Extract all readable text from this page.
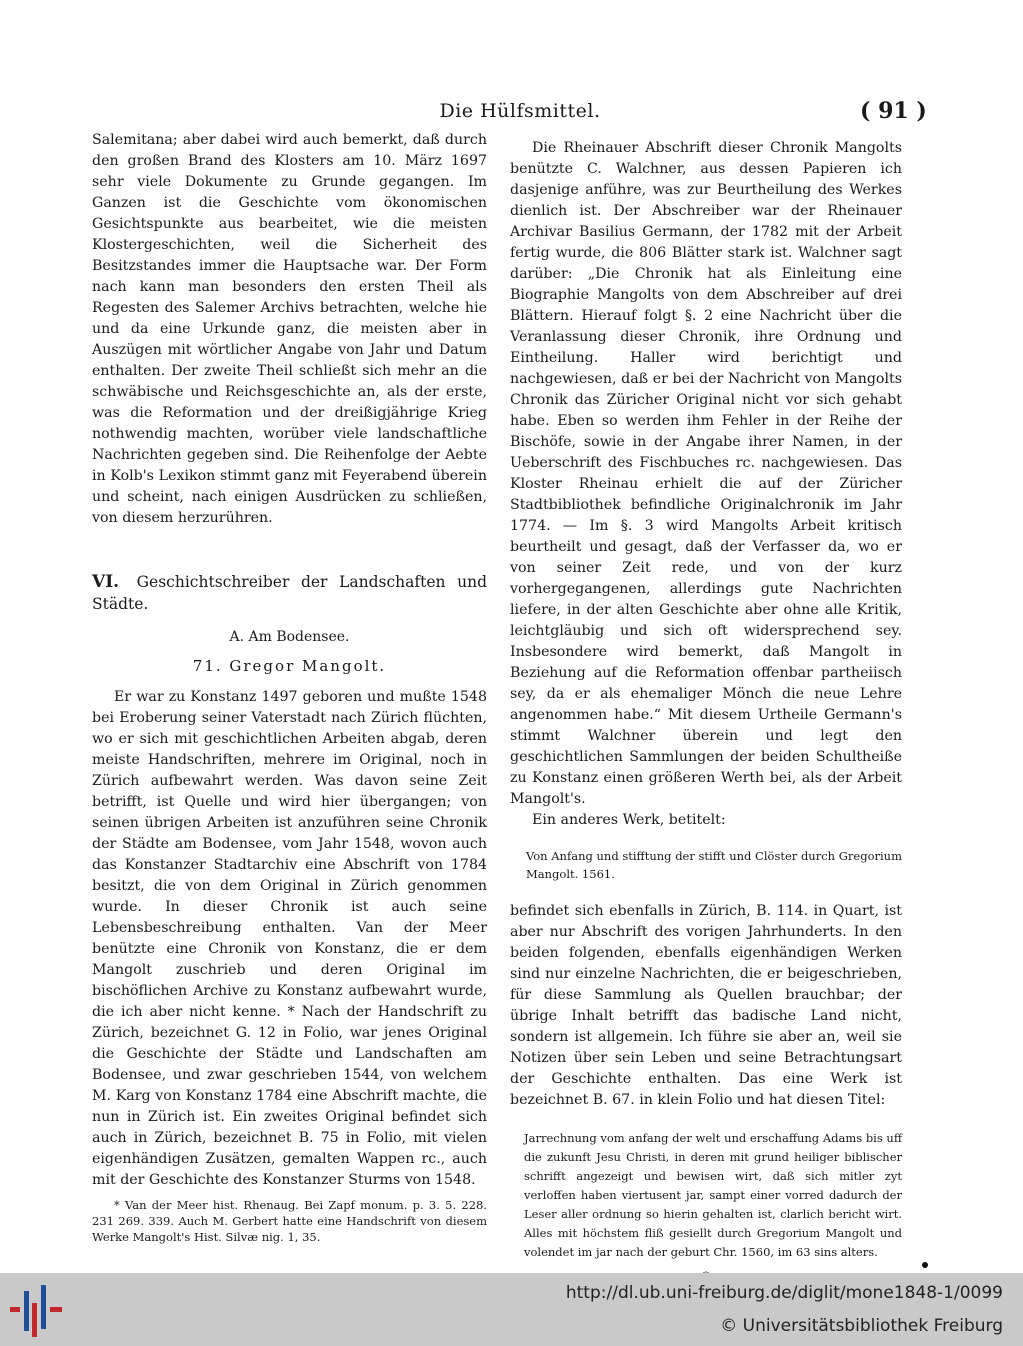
Die Hülfsmittel.	( 91 )

Salemitana; aber dabei wird auch bemerkt, daß durch den großen Brand des Klosters am 10. März 1697 sehr viele Dokumente zu Grunde gegangen. Im Ganzen ist die Geschichte vom ökonomischen Gesichtspunkte aus bearbeitet, wie die meisten Klostergeschichten, weil die Sicherheit des Besitzstandes immer die Hauptsache war. Der Form nach kann man besonders den ersten Theil als Regesten des Salemer Archivs betrachten, welche hie und da eine Urkunde ganz, die meisten aber in Auszügen mit wörtlicher Angabe von Jahr und Datum enthalten. Der zweite Theil schließt sich mehr an die schwäbische und Reichsgeschichte an, als der erste, was die Reformation und der dreißigjährige Krieg nothwendig machten, worüber viele landschaftliche Nachrichten gegeben sind. Die Reihenfolge der Aebte in Kolb's Lexikon stimmt ganz mit Feyerabend überein und scheint, nach einigen Ausdrücken zu schließen, von diesem herzurühren.

VI. Geschichtschreiber der Landschaften und Städte.
A. Am Bodensee.
71. Gregor Mangolt.

Er war zu Konstanz 1497 geboren und mußte 1548 bei Eroberung seiner Vaterstadt nach Zürich flüchten, wo er sich mit geschichtlichen Arbeiten abgab, deren meiste Handschriften, mehrere im Original, noch in Zürich aufbewahrt werden. Was davon seine Zeit betrifft, ist Quelle und wird hier übergangen; von seinen übrigen Arbeiten ist anzuführen seine Chronik der Städte am Bodensee, vom Jahr 1548, wovon auch das Konstanzer Stadtarchiv eine Abschrift von 1784 besitzt, die von dem Original in Zürich genommen wurde. In dieser Chronik ist auch seine Lebensbeschreibung enthalten. Van der Meer benützte eine Chronik von Konstanz, die er dem Mangolt zuschrieb und deren Original im bischöflichen Archive zu Konstanz aufbewahrt wurde, die ich aber nicht kenne. * Nach der Handschrift zu Zürich, bezeichnet G. 12 in Folio, war jenes Original die Geschichte der Städte und Landschaften am Bodensee, und zwar geschrieben 1544, von welchem M. Karg von Konstanz 1784 eine Abschrift machte, die nun in Zürich ist. Ein zweites Original befindet sich auch in Zürich, bezeichnet B. 75 in Folio, mit vielen eigenhändigen Zusätzen, gemalten Wappen rc., auch mit der Geschichte des Konstanzer Sturms von 1548.

* Van der Meer hist. Rhenaug. Bei Zapf monum. p. 3. 5. 228. 231 269. 339. Auch M. Gerbert hatte eine Handschrift von diesem Werke Mangolt's Hist. Silvæ nig. 1, 35.

Die Rheinauer Abschrift dieser Chronik Mangolts benützte C. Walchner, aus dessen Papieren ich dasjenige anführe, was zur Beurtheilung des Werkes dienlich ist. Der Abschreiber war der Rheinauer Archivar Basilius Germann, der 1782 mit der Arbeit fertig wurde, die 806 Blätter stark ist. Walchner sagt darüber: „Die Chronik hat als Einleitung eine Biographie Mangolts von dem Abschreiber auf drei Blättern. Hierauf folgt §. 2 eine Nachricht über die Veranlassung dieser Chronik, ihre Ordnung und Eintheilung. Haller wird berichtigt und nachgewiesen, daß er bei der Nachricht von Mangolts Chronik das Züricher Original nicht vor sich gehabt habe. Eben so werden ihm Fehler in der Reihe der Bischöfe, sowie in der Angabe ihrer Namen, in der Ueberschrift des Fischbuches rc. nachgewiesen. Das Kloster Rheinau erhielt die auf der Züricher Stadtbibliothek befindliche Originalchronik im Jahr 1774. — Im §. 3 wird Mangolts Arbeit kritisch beurtheilt und gesagt, daß der Verfasser da, wo er von seiner Zeit rede, und von der kurz vorhergegangenen, allerdings gute Nachrichten liefere, in der alten Geschichte aber ohne alle Kritik, leichtgläubig und sich oft widersprechend sey. Insbesondere wird bemerkt, daß Mangolt in Beziehung auf die Reformation offenbar partheiisch sey, da er als ehemaliger Mönch die neue Lehre angenommen habe.“ Mit diesem Urtheile Germann's stimmt Walchner überein und legt den geschichtlichen Sammlungen der beiden Schultheiße zu Konstanz einen größeren Werth bei, als der Arbeit Mangolt's.

Ein anderes Werk, betitelt:

Von Anfang und stifftung der stifft und Clöster durch Gregorium Mangolt. 1561.

befindet sich ebenfalls in Zürich, B. 114. in Quart, ist aber nur Abschrift des vorigen Jahrhunderts. In den beiden folgenden, ebenfalls eigenhändigen Werken sind nur einzelne Nachrichten, die er beigeschrieben, für diese Sammlung als Quellen brauchbar; der übrige Inhalt betrifft das badische Land nicht, sondern ist allgemein. Ich führe sie aber an, weil sie Notizen über sein Leben und seine Betrachtungsart der Geschichte enthalten. Das eine Werk ist bezeichnet B. 67. in klein Folio und hat diesen Titel:

Jarrechnung vom anfang der welt und erschaffung Adams bis uff die zukunft Jesu Christi, in deren mit grund heiliger biblischer schrifft angezeigt und bewisen wirt, daß sich mitler zyt verloffen haben viertusent jar, sampt einer vorred dadurch der Leser aller ordnung so hierin gehalten ist, clarlich bericht wirt. Alles mit höchstem fliß gesiellt durch Gregorium Mangolt und volendet im jar nach der geburt Chr. 1560, im 63 sins alters.

http://dl.ub.uni-freiburg.de/diglit/mone1848-1/0099
© Universitätsbibliothek Freiburg
